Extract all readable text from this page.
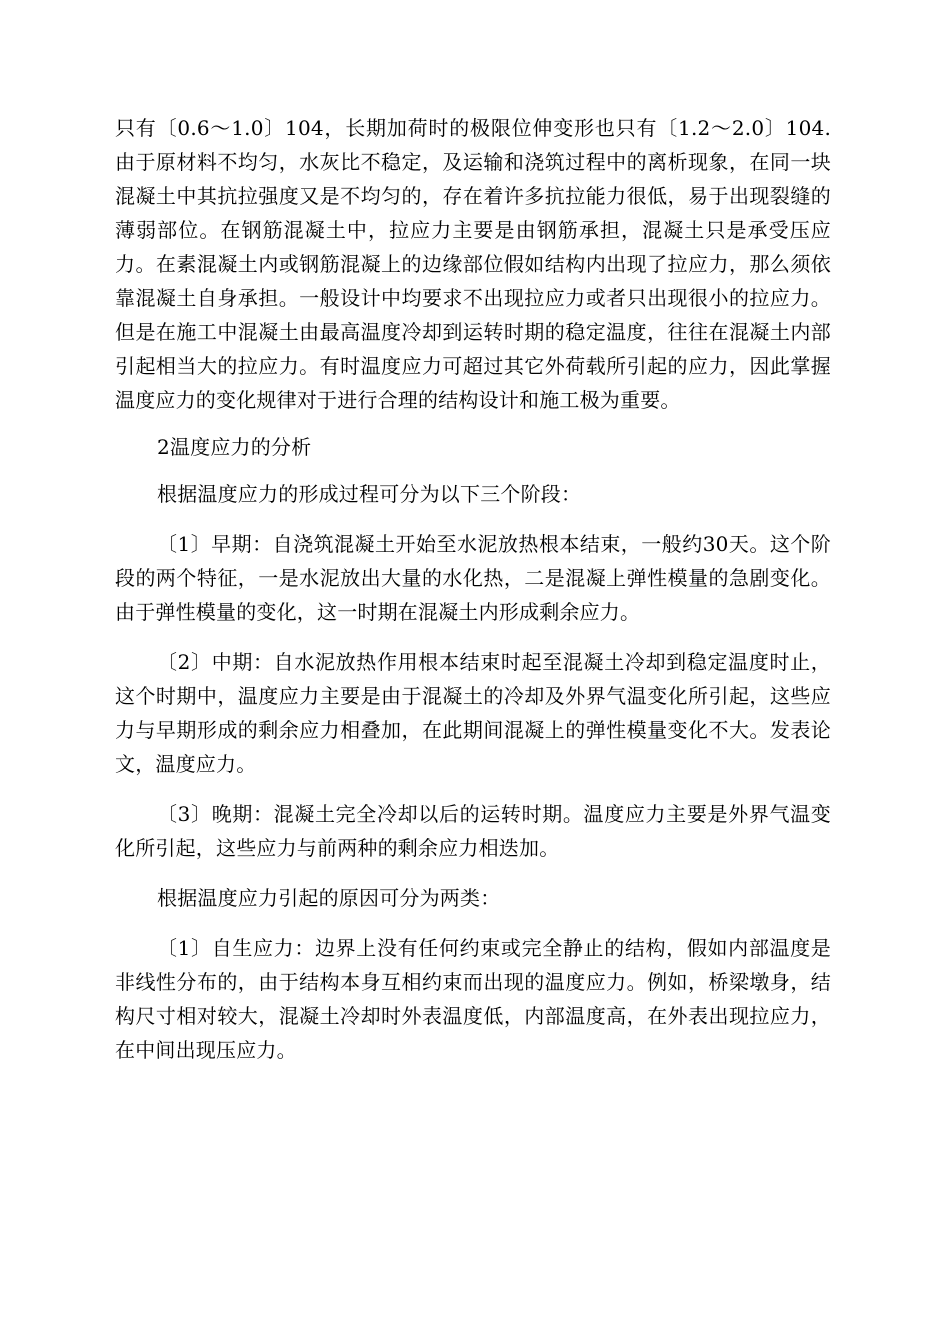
只有〔0.6～1.0〕104，长期加荷时的极限位伸变形也只有〔1.2～2.0〕104.由于原材料不均匀，水灰比不稳定，及运输和浇筑过程中的离析现象，在同一块混凝土中其抗拉强度又是不均匀的，存在着许多抗拉能力很低，易于出现裂缝的薄弱部位。在钢筋混凝土中，拉应力主要是由钢筋承担，混凝土只是承受压应力。在素混凝土内或钢筋混凝上的边缘部位假如结构内出现了拉应力，那么须依靠混凝土自身承担。一般设计中均要求不出现拉应力或者只出现很小的拉应力。但是在施工中混凝土由最高温度冷却到运转时期的稳定温度，往往在混凝土内部引起相当大的拉应力。有时温度应力可超过其它外荷载所引起的应力，因此掌握温度应力的变化规律对于进行合理的结构设计和施工极为重要。

2温度应力的分析

根据温度应力的形成过程可分为以下三个阶段：

〔1〕早期：自浇筑混凝土开始至水泥放热根本结束，一般约30天。这个阶段的两个特征，一是水泥放出大量的水化热，二是混凝上弹性模量的急剧变化。由于弹性模量的变化，这一时期在混凝土内形成剩余应力。

〔2〕中期：自水泥放热作用根本结束时起至混凝土冷却到稳定温度时止，这个时期中，温度应力主要是由于混凝土的冷却及外界气温变化所引起，这些应力与早期形成的剩余应力相叠加，在此期间混凝上的弹性模量变化不大。发表论文，温度应力。

〔3〕晚期：混凝土完全冷却以后的运转时期。温度应力主要是外界气温变化所引起，这些应力与前两种的剩余应力相迭加。

根据温度应力引起的原因可分为两类：

〔1〕自生应力：边界上没有任何约束或完全静止的结构，假如内部温度是非线性分布的，由于结构本身互相约束而出现的温度应力。例如，桥梁墩身，结构尺寸相对较大，混凝土冷却时外表温度低，内部温度高，在外表出现拉应力，在中间出现压应力。
